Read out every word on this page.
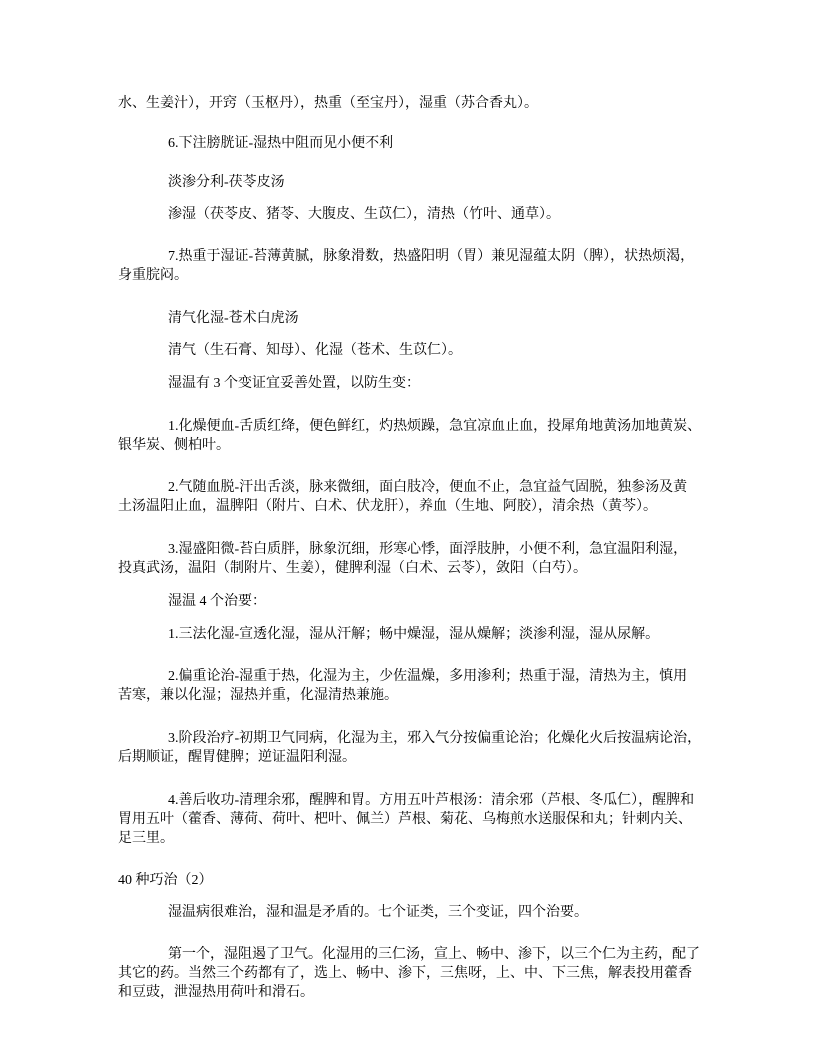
水、生姜汁），开窍（玉枢丹），热重（至宝丹），湿重（苏合香丸）。
6.下注膀胱证-湿热中阻而见小便不利
淡渗分利-茯苓皮汤
渗湿（茯苓皮、猪苓、大腹皮、生苡仁），清热（竹叶、通草）。
7.热重于湿证-苔薄黄腻，脉象滑数，热盛阳明（胃）兼见湿蕴太阴（脾），状热烦渴，
身重脘闷。
清气化湿-苍术白虎汤
清气（生石膏、知母）、化湿（苍术、生苡仁）。
湿温有 3 个变证宜妥善处置，以防生变：
1.化燥便血-舌质红绛，便色鲜红，灼热烦躁，急宜凉血止血，投犀角地黄汤加地黄炭、
银华炭、侧柏叶。
2.气随血脱-汗出舌淡，脉来微细，面白肢冷，便血不止，急宜益气固脱，独参汤及黄
土汤温阳止血，温脾阳（附片、白术、伏龙肝），养血（生地、阿胶），清余热（黄芩）。
3.湿盛阳微-苔白质胖，脉象沉细，形寒心悸，面浮肢肿，小便不利，急宜温阳利湿，
投真武汤，温阳（制附片、生姜），健脾利湿（白术、云苓），敛阳（白芍）。
湿温 4 个治要：
1.三法化湿-宣透化湿，湿从汗解；畅中燥湿，湿从燥解；淡渗利湿，湿从尿解。
2.偏重论治-湿重于热，化湿为主，少佐温燥，多用渗利；热重于湿，清热为主，慎用
苦寒，兼以化湿；湿热并重，化湿清热兼施。
3.阶段治疗-初期卫气同病，化湿为主，邪入气分按偏重论治；化燥化火后按温病论治，
后期顺证，醒胃健脾；逆证温阳利湿。
4.善后收功-清理余邪，醒脾和胃。方用五叶芦根汤：清余邪（芦根、冬瓜仁），醒脾和
胃用五叶（藿香、薄荷、荷叶、杷叶、佩兰）芦根、菊花、乌梅煎水送服保和丸；针刺内关、
足三里。
40 种巧治（2）
湿温病很难治，湿和温是矛盾的。七个证类，三个变证，四个治要。
第一个，湿阻遏了卫气。化湿用的三仁汤，宣上、畅中、渗下，以三个仁为主药，配了
其它的药。当然三个药都有了，选上、畅中、渗下，三焦呀，上、中、下三焦，解表投用藿香
和豆豉，泄湿热用荷叶和滑石。
